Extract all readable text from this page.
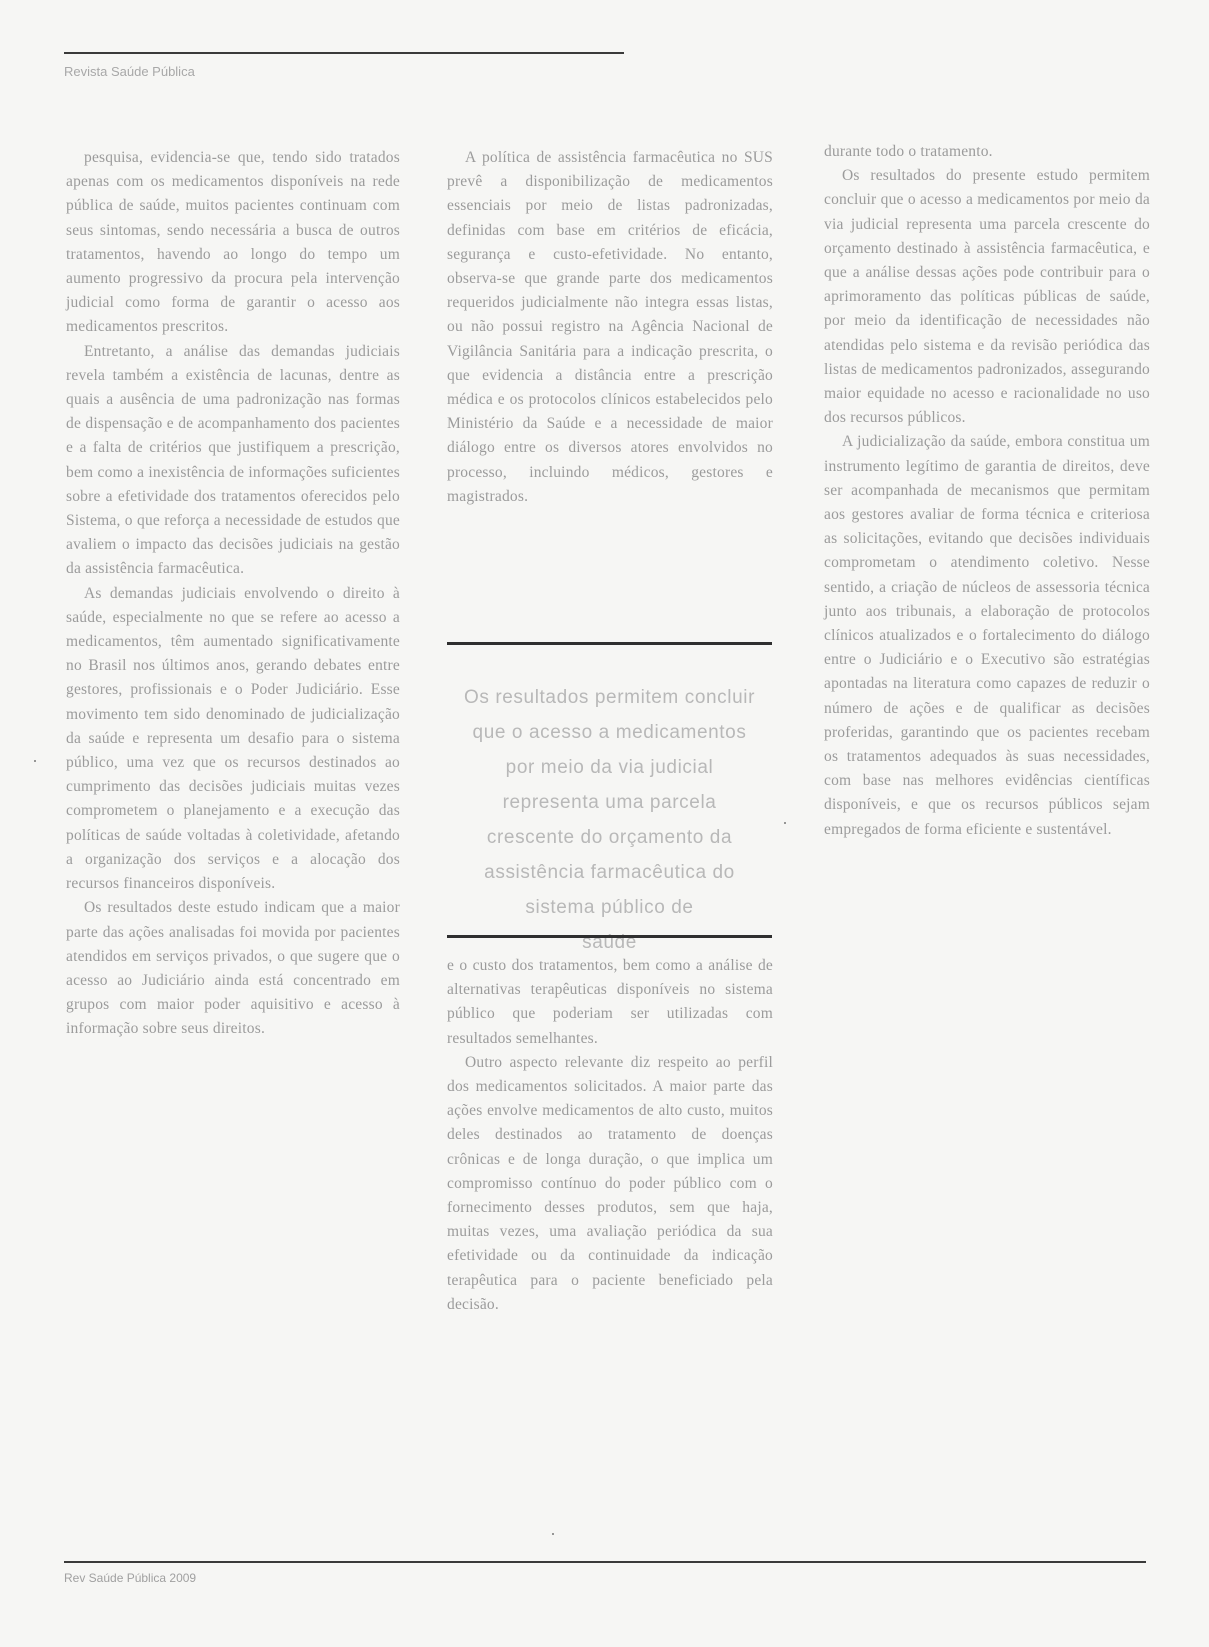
Revista Saúde Pública

pesquisa, evidencia-se que, tendo sido tratados apenas com os medicamentos disponíveis na rede pública de saúde, muitos pacientes continuam com seus sintomas, sendo necessária a busca de outros tratamentos, havendo ao longo do tempo um aumento progressivo da procura pela intervenção judicial como forma de garantir o acesso aos medicamentos prescritos.

Entretanto, a análise das demandas judiciais revela também a existência de lacunas, dentre as quais a ausência de uma padronização nas formas de dispensação e de acompanhamento dos pacientes e a falta de critérios que justifiquem a prescrição, bem como a inexistência de informações suficientes sobre a efetividade dos tratamentos oferecidos pelo Sistema, o que reforça a necessidade de estudos que avaliem o impacto das decisões judiciais na gestão da assistência farmacêutica.

As demandas judiciais envolvendo o direito à saúde, especialmente no que se refere ao acesso a medicamentos, têm aumentado significativamente no Brasil nos últimos anos, gerando debates entre gestores, profissionais e o Poder Judiciário. Esse movimento tem sido denominado de judicialização da saúde e representa um desafio para o sistema público, uma vez que os recursos destinados ao cumprimento das decisões judiciais muitas vezes comprometem o planejamento e a execução das políticas de saúde voltadas à coletividade, afetando a organização dos serviços e a alocação dos recursos financeiros disponíveis.

Os resultados deste estudo indicam que a maior parte das ações analisadas foi movida por pacientes atendidos em serviços privados, o que sugere que o acesso ao Judiciário ainda está concentrado em grupos com maior poder aquisitivo e acesso à informação sobre seus direitos.

A política de assistência farmacêutica no SUS prevê a disponibilização de medicamentos essenciais por meio de listas padronizadas, definidas com base em critérios de eficácia, segurança e custo-efetividade. No entanto, observa-se que grande parte dos medicamentos requeridos judicialmente não integra essas listas, ou não possui registro na Agência Nacional de Vigilância Sanitária para a indicação prescrita, o que evidencia a distância entre a prescrição médica e os protocolos clínicos estabelecidos pelo Ministério da Saúde e a necessidade de maior diálogo entre os diversos atores envolvidos no processo, incluindo médicos, gestores e magistrados.

Os resultados permitem concluir
que o acesso a medicamentos
por meio da via judicial
representa uma parcela
crescente do orçamento da
assistência farmacêutica do
sistema público de
saúde

e o custo dos tratamentos, bem como a análise de alternativas terapêuticas disponíveis no sistema público que poderiam ser utilizadas com resultados semelhantes.

Outro aspecto relevante diz respeito ao perfil dos medicamentos solicitados. A maior parte das ações envolve medicamentos de alto custo, muitos deles destinados ao tratamento de doenças crônicas e de longa duração, o que implica um compromisso contínuo do poder público com o fornecimento desses produtos, sem que haja, muitas vezes, uma avaliação periódica da sua efetividade ou da continuidade da indicação terapêutica para o paciente beneficiado pela decisão.

durante todo o tratamento.

Os resultados do presente estudo permitem concluir que o acesso a medicamentos por meio da via judicial representa uma parcela crescente do orçamento destinado à assistência farmacêutica, e que a análise dessas ações pode contribuir para o aprimoramento das políticas públicas de saúde, por meio da identificação de necessidades não atendidas pelo sistema e da revisão periódica das listas de medicamentos padronizados, assegurando maior equidade no acesso e racionalidade no uso dos recursos públicos.

A judicialização da saúde, embora constitua um instrumento legítimo de garantia de direitos, deve ser acompanhada de mecanismos que permitam aos gestores avaliar de forma técnica e criteriosa as solicitações, evitando que decisões individuais comprometam o atendimento coletivo. Nesse sentido, a criação de núcleos de assessoria técnica junto aos tribunais, a elaboração de protocolos clínicos atualizados e o fortalecimento do diálogo entre o Judiciário e o Executivo são estratégias apontadas na literatura como capazes de reduzir o número de ações e de qualificar as decisões proferidas, garantindo que os pacientes recebam os tratamentos adequados às suas necessidades, com base nas melhores evidências científicas disponíveis, e que os recursos públicos sejam empregados de forma eficiente e sustentável.

Rev Saúde Pública 2009
